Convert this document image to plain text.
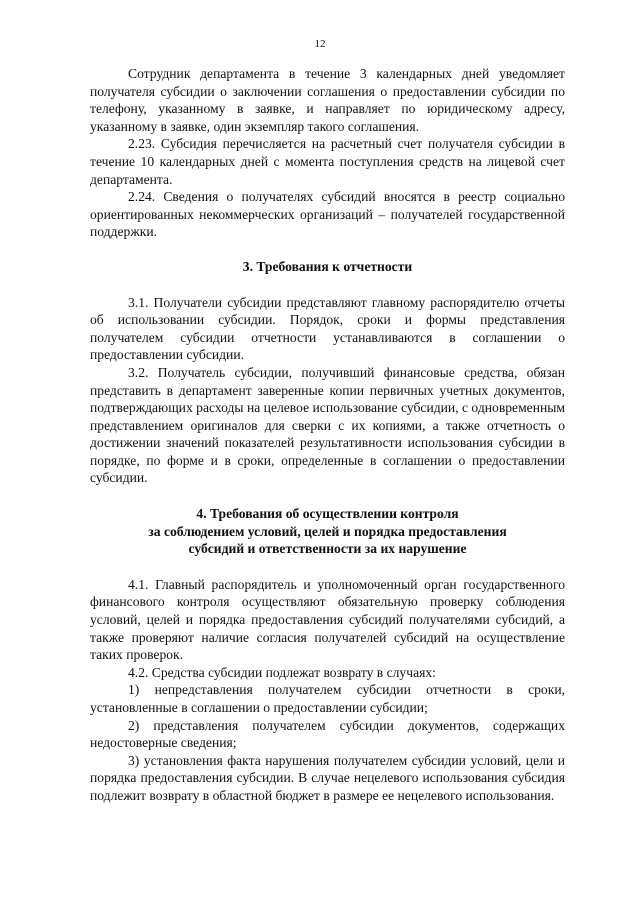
12

Сотрудник департамента в течение 3 календарных дней уведомляет получателя субсидии о заключении соглашения о предоставлении субсидии по телефону, указанному в заявке, и направляет по юридическому адресу, указанному в заявке, один экземпляр такого соглашения.

2.23. Субсидия перечисляется на расчетный счет получателя субсидии в течение 10 календарных дней с момента поступления средств на лицевой счет департамента.

2.24. Сведения о получателях субсидий вносятся в реестр социально ориентированных некоммерческих организаций – получателей государственной поддержки.

3. Требования к отчетности

3.1. Получатели субсидии представляют главному распорядителю отчеты об использовании субсидии. Порядок, сроки и формы представления получателем субсидии отчетности устанавливаются в соглашении о предоставлении субсидии.

3.2. Получатель субсидии, получивший финансовые средства, обязан представить в департамент заверенные копии первичных учетных документов, подтверждающих расходы на целевое использование субсидии, с одновременным представлением оригиналов для сверки с их копиями, а также отчетность о достижении значений показателей результативности использования субсидии в порядке, по форме и в сроки, определенные в соглашении о предоставлении субсидии.

4. Требования об осуществлении контроля
за соблюдением условий, целей и порядка предоставления
субсидий и ответственности за их нарушение

4.1. Главный распорядитель и уполномоченный орган государственного финансового контроля осуществляют обязательную проверку соблюдения условий, целей и порядка предоставления субсидий получателями субсидий, а также проверяют наличие согласия получателей субсидий на осуществление таких проверок.

4.2. Средства субсидии подлежат возврату в случаях:

1) непредставления получателем субсидии отчетности в сроки, установленные в соглашении о предоставлении субсидии;

2) представления получателем субсидии документов, содержащих недостоверные сведения;

3) установления факта нарушения получателем субсидии условий, цели и порядка предоставления субсидии. В случае нецелевого использования субсидия подлежит возврату в областной бюджет в размере ее нецелевого использования.
